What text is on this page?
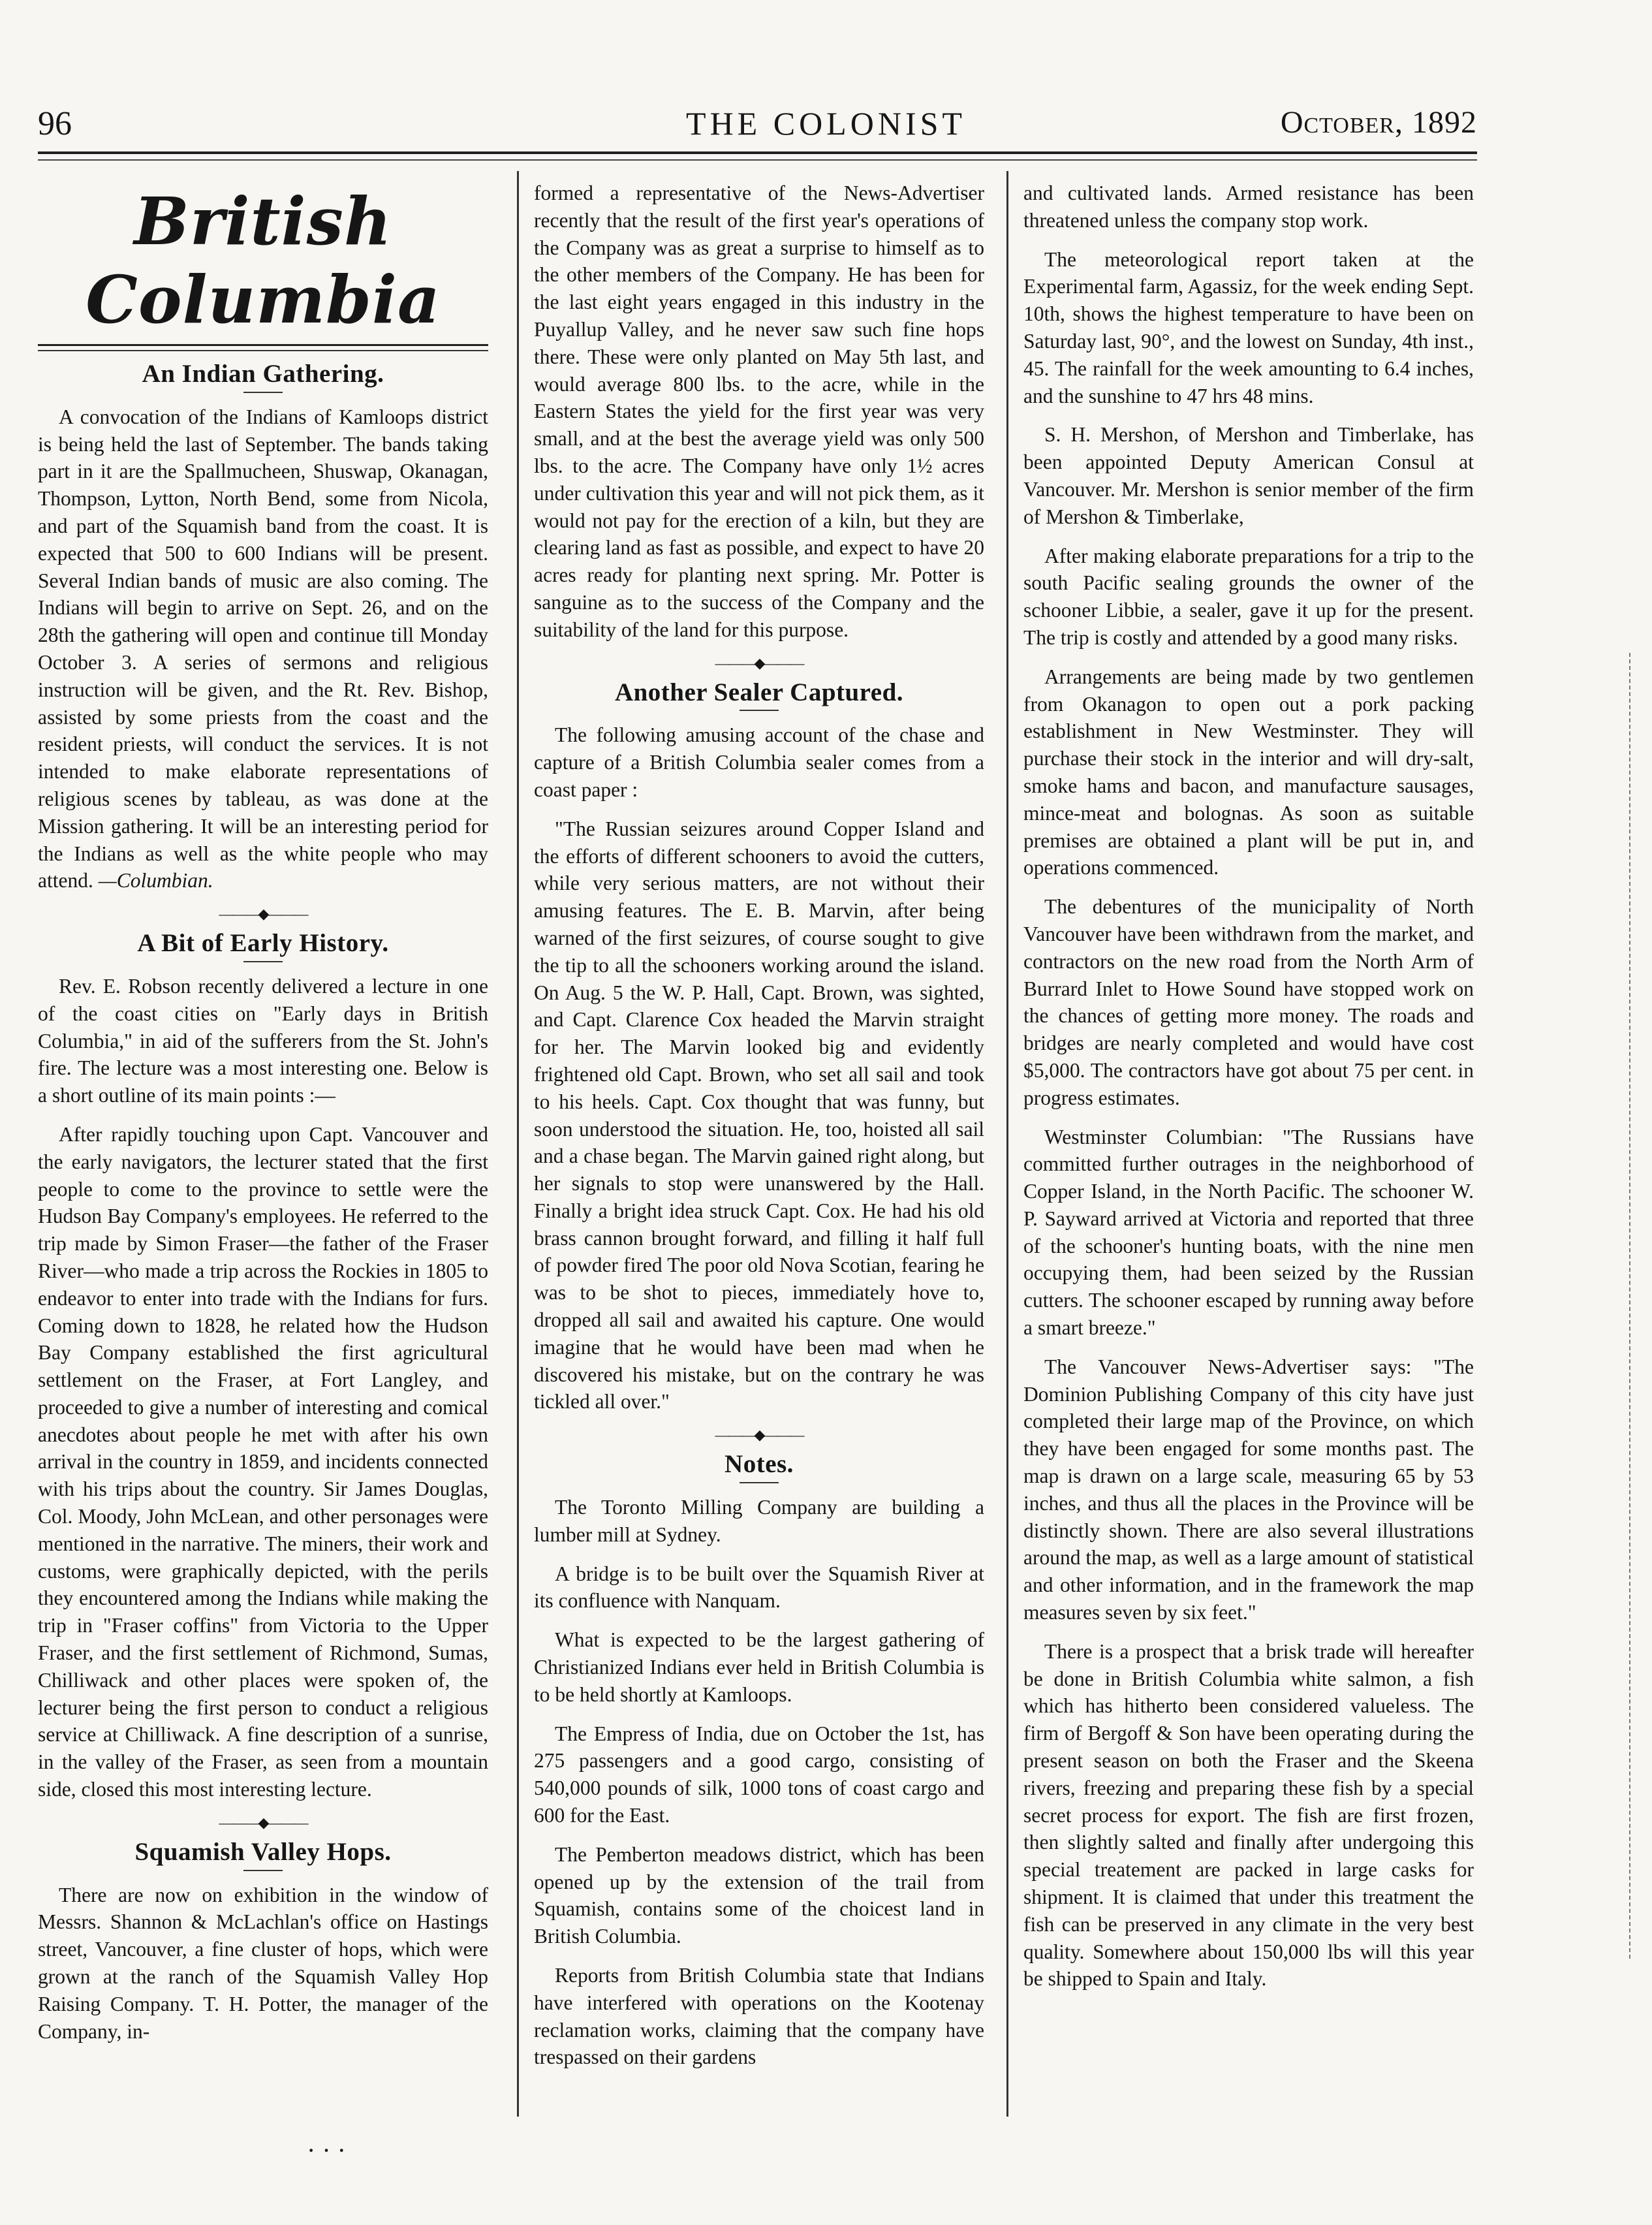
96	THE COLONIST	October, 1892
British Columbia
An Indian Gathering.

A convocation of the Indians of Kamloops district is being held the last of September. The bands taking part in it are the Spallmucheen, Shuswap, Okanagan, Thompson, Lytton, North Bend, some from Nicola, and part of the Squamish band from the coast. It is expected that 500 to 600 Indians will be present. Several Indian bands of music are also coming. The Indians will begin to arrive on Sept. 26, and on the 28th the gathering will open and continue till Monday October 3. A series of sermons and religious instruction will be given, and the Rt. Rev. Bishop, assisted by some priests from the coast and the resident priests, will conduct the services. It is not intended to make elaborate representations of religious scenes by tableau, as was done at the Mission gathering. It will be an interesting period for the Indians as well as the white people who may attend. —Columbian.

———◆———
A Bit of Early History.

Rev. E. Robson recently delivered a lecture in one of the coast cities on "Early days in British Columbia," in aid of the sufferers from the St. John's fire. The lecture was a most interesting one. Below is a short outline of its main points :—

After rapidly touching upon Capt. Vancouver and the early navigators, the lecturer stated that the first people to come to the province to settle were the Hudson Bay Company's employees. He referred to the trip made by Simon Fraser—the father of the Fraser River—who made a trip across the Rockies in 1805 to endeavor to enter into trade with the Indians for furs. Coming down to 1828, he related how the Hudson Bay Company established the first agricultural settlement on the Fraser, at Fort Langley, and proceeded to give a number of interesting and comical anecdotes about people he met with after his own arrival in the country in 1859, and incidents connected with his trips about the country. Sir James Douglas, Col. Moody, John McLean, and other personages were mentioned in the narrative. The miners, their work and customs, were graphically depicted, with the perils they encountered among the Indians while making the trip in "Fraser coffins" from Victoria to the Upper Fraser, and the first settlement of Richmond, Sumas, Chilliwack and other places were spoken of, the lecturer being the first person to conduct a religious service at Chilliwack. A fine description of a sunrise, in the valley of the Fraser, as seen from a mountain side, closed this most interesting lecture.

———◆———
Squamish Valley Hops.

There are now on exhibition in the window of Messrs. Shannon & McLachlan's office on Hastings street, Vancouver, a fine cluster of hops, which were grown at the ranch of the Squamish Valley Hop Raising Company. T. H. Potter, the manager of the Company, in-

formed a representative of the News-Advertiser recently that the result of the first year's operations of the Company was as great a surprise to himself as to the other members of the Company. He has been for the last eight years engaged in this industry in the Puyallup Valley, and he never saw such fine hops there. These were only planted on May 5th last, and would average 800 lbs. to the acre, while in the Eastern States the yield for the first year was very small, and at the best the average yield was only 500 lbs. to the acre. The Company have only 1½ acres under cultivation this year and will not pick them, as it would not pay for the erection of a kiln, but they are clearing land as fast as possible, and expect to have 20 acres ready for planting next spring. Mr. Potter is sanguine as to the success of the Company and the suitability of the land for this purpose.

———◆———
Another Sealer Captured.

The following amusing account of the chase and capture of a British Columbia sealer comes from a coast paper :

"The Russian seizures around Copper Island and the efforts of different schooners to avoid the cutters, while very serious matters, are not without their amusing features. The E. B. Marvin, after being warned of the first seizures, of course sought to give the tip to all the schooners working around the island. On Aug. 5 the W. P. Hall, Capt. Brown, was sighted, and Capt. Clarence Cox headed the Marvin straight for her. The Marvin looked big and evidently frightened old Capt. Brown, who set all sail and took to his heels. Capt. Cox thought that was funny, but soon understood the situation. He, too, hoisted all sail and a chase began. The Marvin gained right along, but her signals to stop were unanswered by the Hall. Finally a bright idea struck Capt. Cox. He had his old brass cannon brought forward, and filling it half full of powder fired The poor old Nova Scotian, fearing he was to be shot to pieces, immediately hove to, dropped all sail and awaited his capture. One would imagine that he would have been mad when he discovered his mistake, but on the contrary he was tickled all over."

———◆———
Notes.

The Toronto Milling Company are building a lumber mill at Sydney.

A bridge is to be built over the Squamish River at its confluence with Nanquam.

What is expected to be the largest gathering of Christianized Indians ever held in British Columbia is to be held shortly at Kamloops.

The Empress of India, due on October the 1st, has 275 passengers and a good cargo, consisting of 540,000 pounds of silk, 1000 tons of coast cargo and 600 for the East.

The Pemberton meadows district, which has been opened up by the extension of the trail from Squamish, contains some of the choicest land in British Columbia.

Reports from British Columbia state that Indians have interfered with operations on the Kootenay reclamation works, claiming that the company have trespassed on their gardens

and cultivated lands. Armed resistance has been threatened unless the company stop work.

The meteorological report taken at the Experimental farm, Agassiz, for the week ending Sept. 10th, shows the highest temperature to have been on Saturday last, 90°, and the lowest on Sunday, 4th inst., 45. The rainfall for the week amounting to 6.4 inches, and the sunshine to 47 hrs 48 mins.

S. H. Mershon, of Mershon and Timberlake, has been appointed Deputy American Consul at Vancouver. Mr. Mershon is senior member of the firm of Mershon & Timberlake,

After making elaborate preparations for a trip to the south Pacific sealing grounds the owner of the schooner Libbie, a sealer, gave it up for the present. The trip is costly and attended by a good many risks.

Arrangements are being made by two gentlemen from Okanagon to open out a pork packing establishment in New Westminster. They will purchase their stock in the interior and will dry-salt, smoke hams and bacon, and manufacture sausages, mince-meat and bolognas. As soon as suitable premises are obtained a plant will be put in, and operations commenced.

The debentures of the municipality of North Vancouver have been withdrawn from the market, and contractors on the new road from the North Arm of Burrard Inlet to Howe Sound have stopped work on the chances of getting more money. The roads and bridges are nearly completed and would have cost $5,000. The contractors have got about 75 per cent. in progress estimates.

Westminster Columbian: "The Russians have committed further outrages in the neighborhood of Copper Island, in the North Pacific. The schooner W. P. Sayward arrived at Victoria and reported that three of the schooner's hunting boats, with the nine men occupying them, had been seized by the Russian cutters. The schooner escaped by running away before a smart breeze."

The Vancouver News-Advertiser says: "The Dominion Publishing Company of this city have just completed their large map of the Province, on which they have been engaged for some months past. The map is drawn on a large scale, measuring 65 by 53 inches, and thus all the places in the Province will be distinctly shown. There are also several illustrations around the map, as well as a large amount of statistical and other information, and in the framework the map measures seven by six feet."

There is a prospect that a brisk trade will hereafter be done in British Columbia white salmon, a fish which has hitherto been considered valueless. The firm of Bergoff & Son have been operating during the present season on both the Fraser and the Skeena rivers, freezing and preparing these fish by a special secret process for export. The fish are first frozen, then slightly salted and finally after undergoing this special treatement are packed in large casks for shipment. It is claimed that under this treatment the fish can be preserved in any climate in the very best quality. Somewhere about 150,000 lbs will this year be shipped to Spain and Italy.

· · ·
